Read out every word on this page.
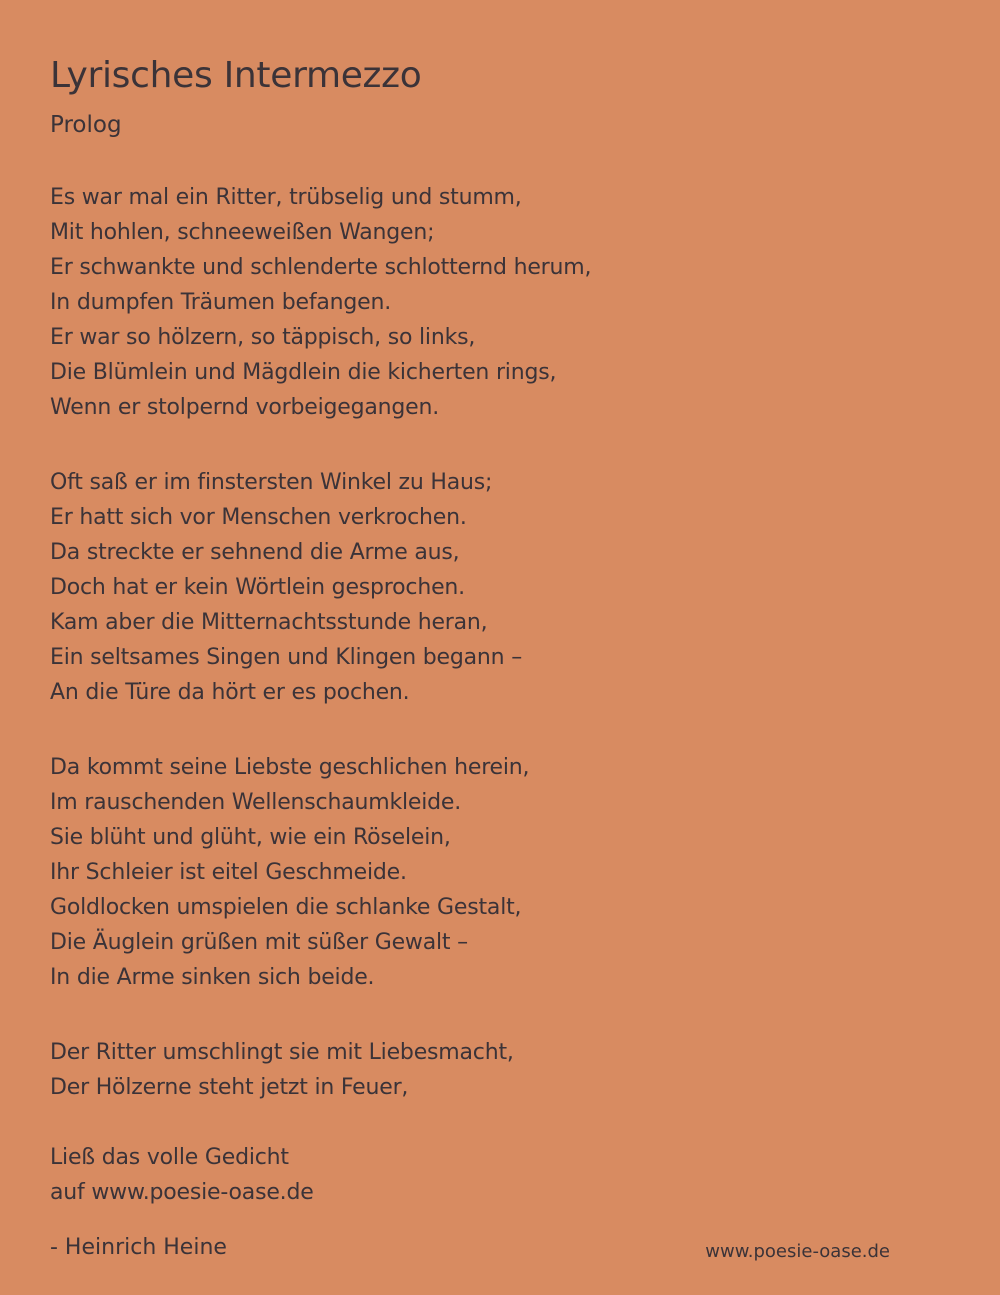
Lyrisches Intermezzo
Prolog
Es war mal ein Ritter, trübselig und stumm,
Mit hohlen, schneeweißen Wangen;
Er schwankte und schlenderte schlotternd herum,
In dumpfen Träumen befangen.
Er war so hölzern, so täppisch, so links,
Die Blümlein und Mägdlein die kicherten rings,
Wenn er stolpernd vorbeigegangen.
Oft saß er im finstersten Winkel zu Haus;
Er hatt sich vor Menschen verkrochen.
Da streckte er sehnend die Arme aus,
Doch hat er kein Wörtlein gesprochen.
Kam aber die Mitternachtsstunde heran,
Ein seltsames Singen und Klingen begann –
An die Türe da hört er es pochen.
Da kommt seine Liebste geschlichen herein,
Im rauschenden Wellenschaumkleide.
Sie blüht und glüht, wie ein Röselein,
Ihr Schleier ist eitel Geschmeide.
Goldlocken umspielen die schlanke Gestalt,
Die Äuglein grüßen mit süßer Gewalt –
In die Arme sinken sich beide.
Der Ritter umschlingt sie mit Liebesmacht,
Der Hölzerne steht jetzt in Feuer,
Ließ das volle Gedicht
auf www.poesie-oase.de
- Heinrich Heine	www.poesie-oase.de
